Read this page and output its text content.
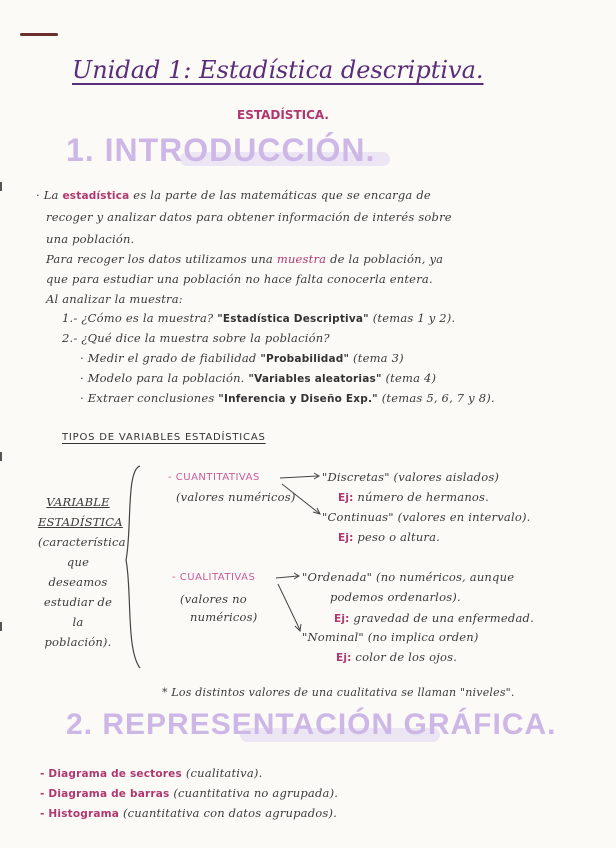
Unidad 1: Estadística descriptiva.
ESTADÍSTICA.
1. INTRODUCCIÓN.
· La estadística es la parte de las matemáticas que se encarga de
recoger y analizar datos para obtener información de interés sobre
una población.
Para recoger los datos utilizamos una muestra de la población, ya
que para estudiar una población no hace falta conocerla entera.
Al analizar la muestra:
1.- ¿Cómo es la muestra? "Estadística Descriptiva" (temas 1 y 2).
2.- ¿Qué dice la muestra sobre la población?
· Medir el grado de fiabilidad "Probabilidad" (tema 3)
· Modelo para la población. "Variables aleatorias" (tema 4)
· Extraer conclusiones "Inferencia y Diseño Exp." (temas 5, 6, 7 y 8).
TIPOS DE VARIABLES ESTADÍSTICAS
VARIABLE
ESTADÍSTICA
(característica
que deseamos
estudiar de la
población).
- CUANTITATIVAS
(valores numéricos)
"Discretas" (valores aislados)
Ej: número de hermanos.
"Continuas" (valores en intervalo).
Ej: peso o altura.
- CUALITATIVAS
(valores no
numéricos)
"Ordenada" (no numéricos, aunque
podemos ordenarlos).
Ej: gravedad de una enfermedad.
"Nominal" (no implica orden)
Ej: color de los ojos.
* Los distintos valores de una cualitativa se llaman "niveles".
2. REPRESENTACIÓN GRÁFICA.
- Diagrama de sectores (cualitativa).
- Diagrama de barras (cuantitativa no agrupada).
- Histograma (cuantitativa con datos agrupados).
